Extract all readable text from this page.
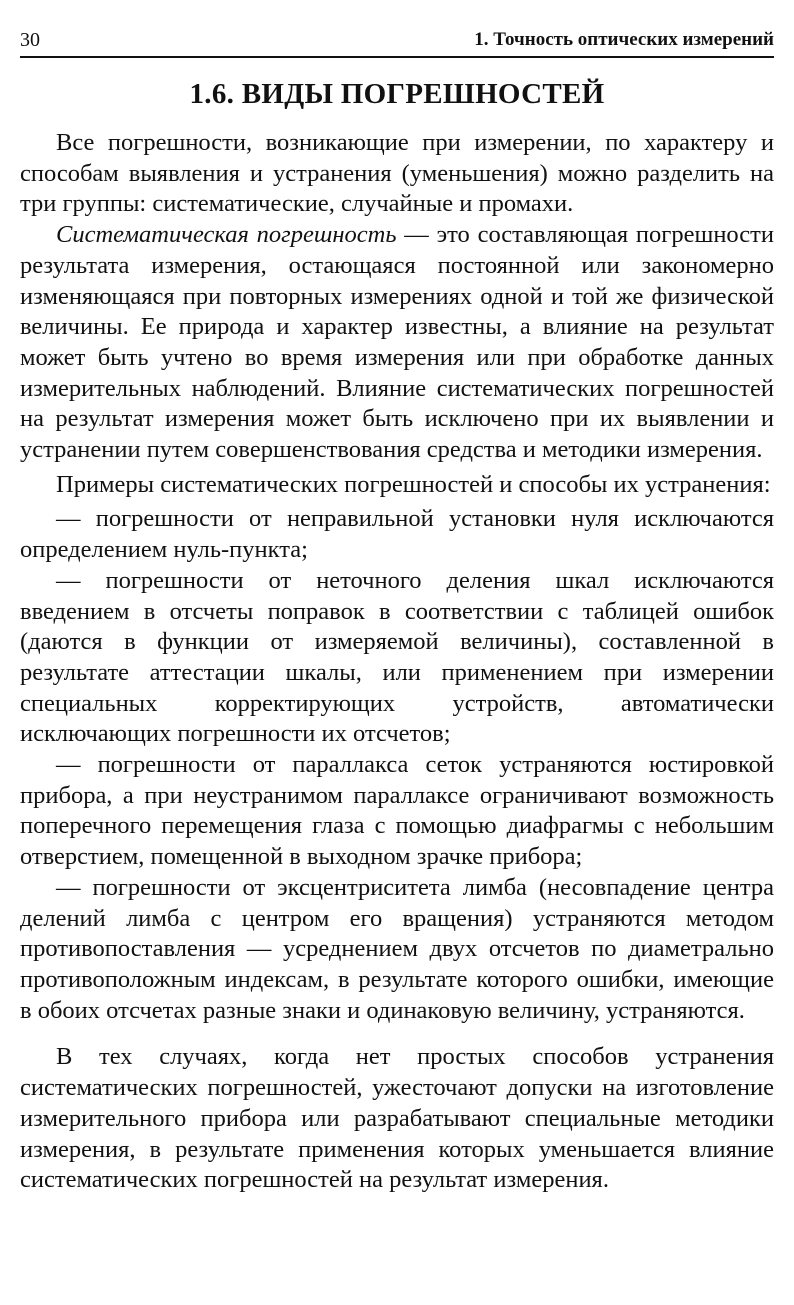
30	1. Точность оптических измерений
1.6. ВИДЫ ПОГРЕШНОСТЕЙ

Все погрешности, возникающие при измерении, по характеру и способам выявления и устранения (уменьшения) можно разделить на три группы: систематические, случайные и промахи.

Систематическая погрешность — это составляющая погрешности результата измерения, остающаяся постоянной или закономерно изменяющаяся при повторных измерениях одной и той же физической величины. Ее природа и характер известны, а влияние на результат может быть учтено во время измерения или при обработке данных измерительных наблюдений. Влияние систематических погрешностей на результат измерения может быть исключено при их выявлении и устранении путем совершенствования средства и методики измерения.

Примеры систематических погрешностей и способы их устранения:

— погрешности от неправильной установки нуля исключаются определением нуль-пункта;

— погрешности от неточного деления шкал исключаются введением в отсчеты поправок в соответствии с таблицей ошибок (даются в функции от измеряемой величины), составленной в результате аттестации шкалы, или применением при измерении специальных корректирующих устройств, автоматически исключающих погрешности их отсчетов;

— погрешности от параллакса сеток устраняются юстировкой прибора, а при неустранимом параллаксе ограничивают возможность поперечного перемещения глаза с помощью диафрагмы с небольшим отверстием, помещенной в выходном зрачке прибора;

— погрешности от эксцентриситета лимба (несовпадение центра делений лимба с центром его вращения) устраняются методом противопоставления — усреднением двух отсчетов по диаметрально противоположным индексам, в результате которого ошибки, имеющие в обоих отсчетах разные знаки и одинаковую величину, устраняются.

В тех случаях, когда нет простых способов устранения систематических погрешностей, ужесточают допуски на изготовление измерительного прибора или разрабатывают специальные методики измерения, в результате применения которых уменьшается влияние систематических погрешностей на результат измерения.
